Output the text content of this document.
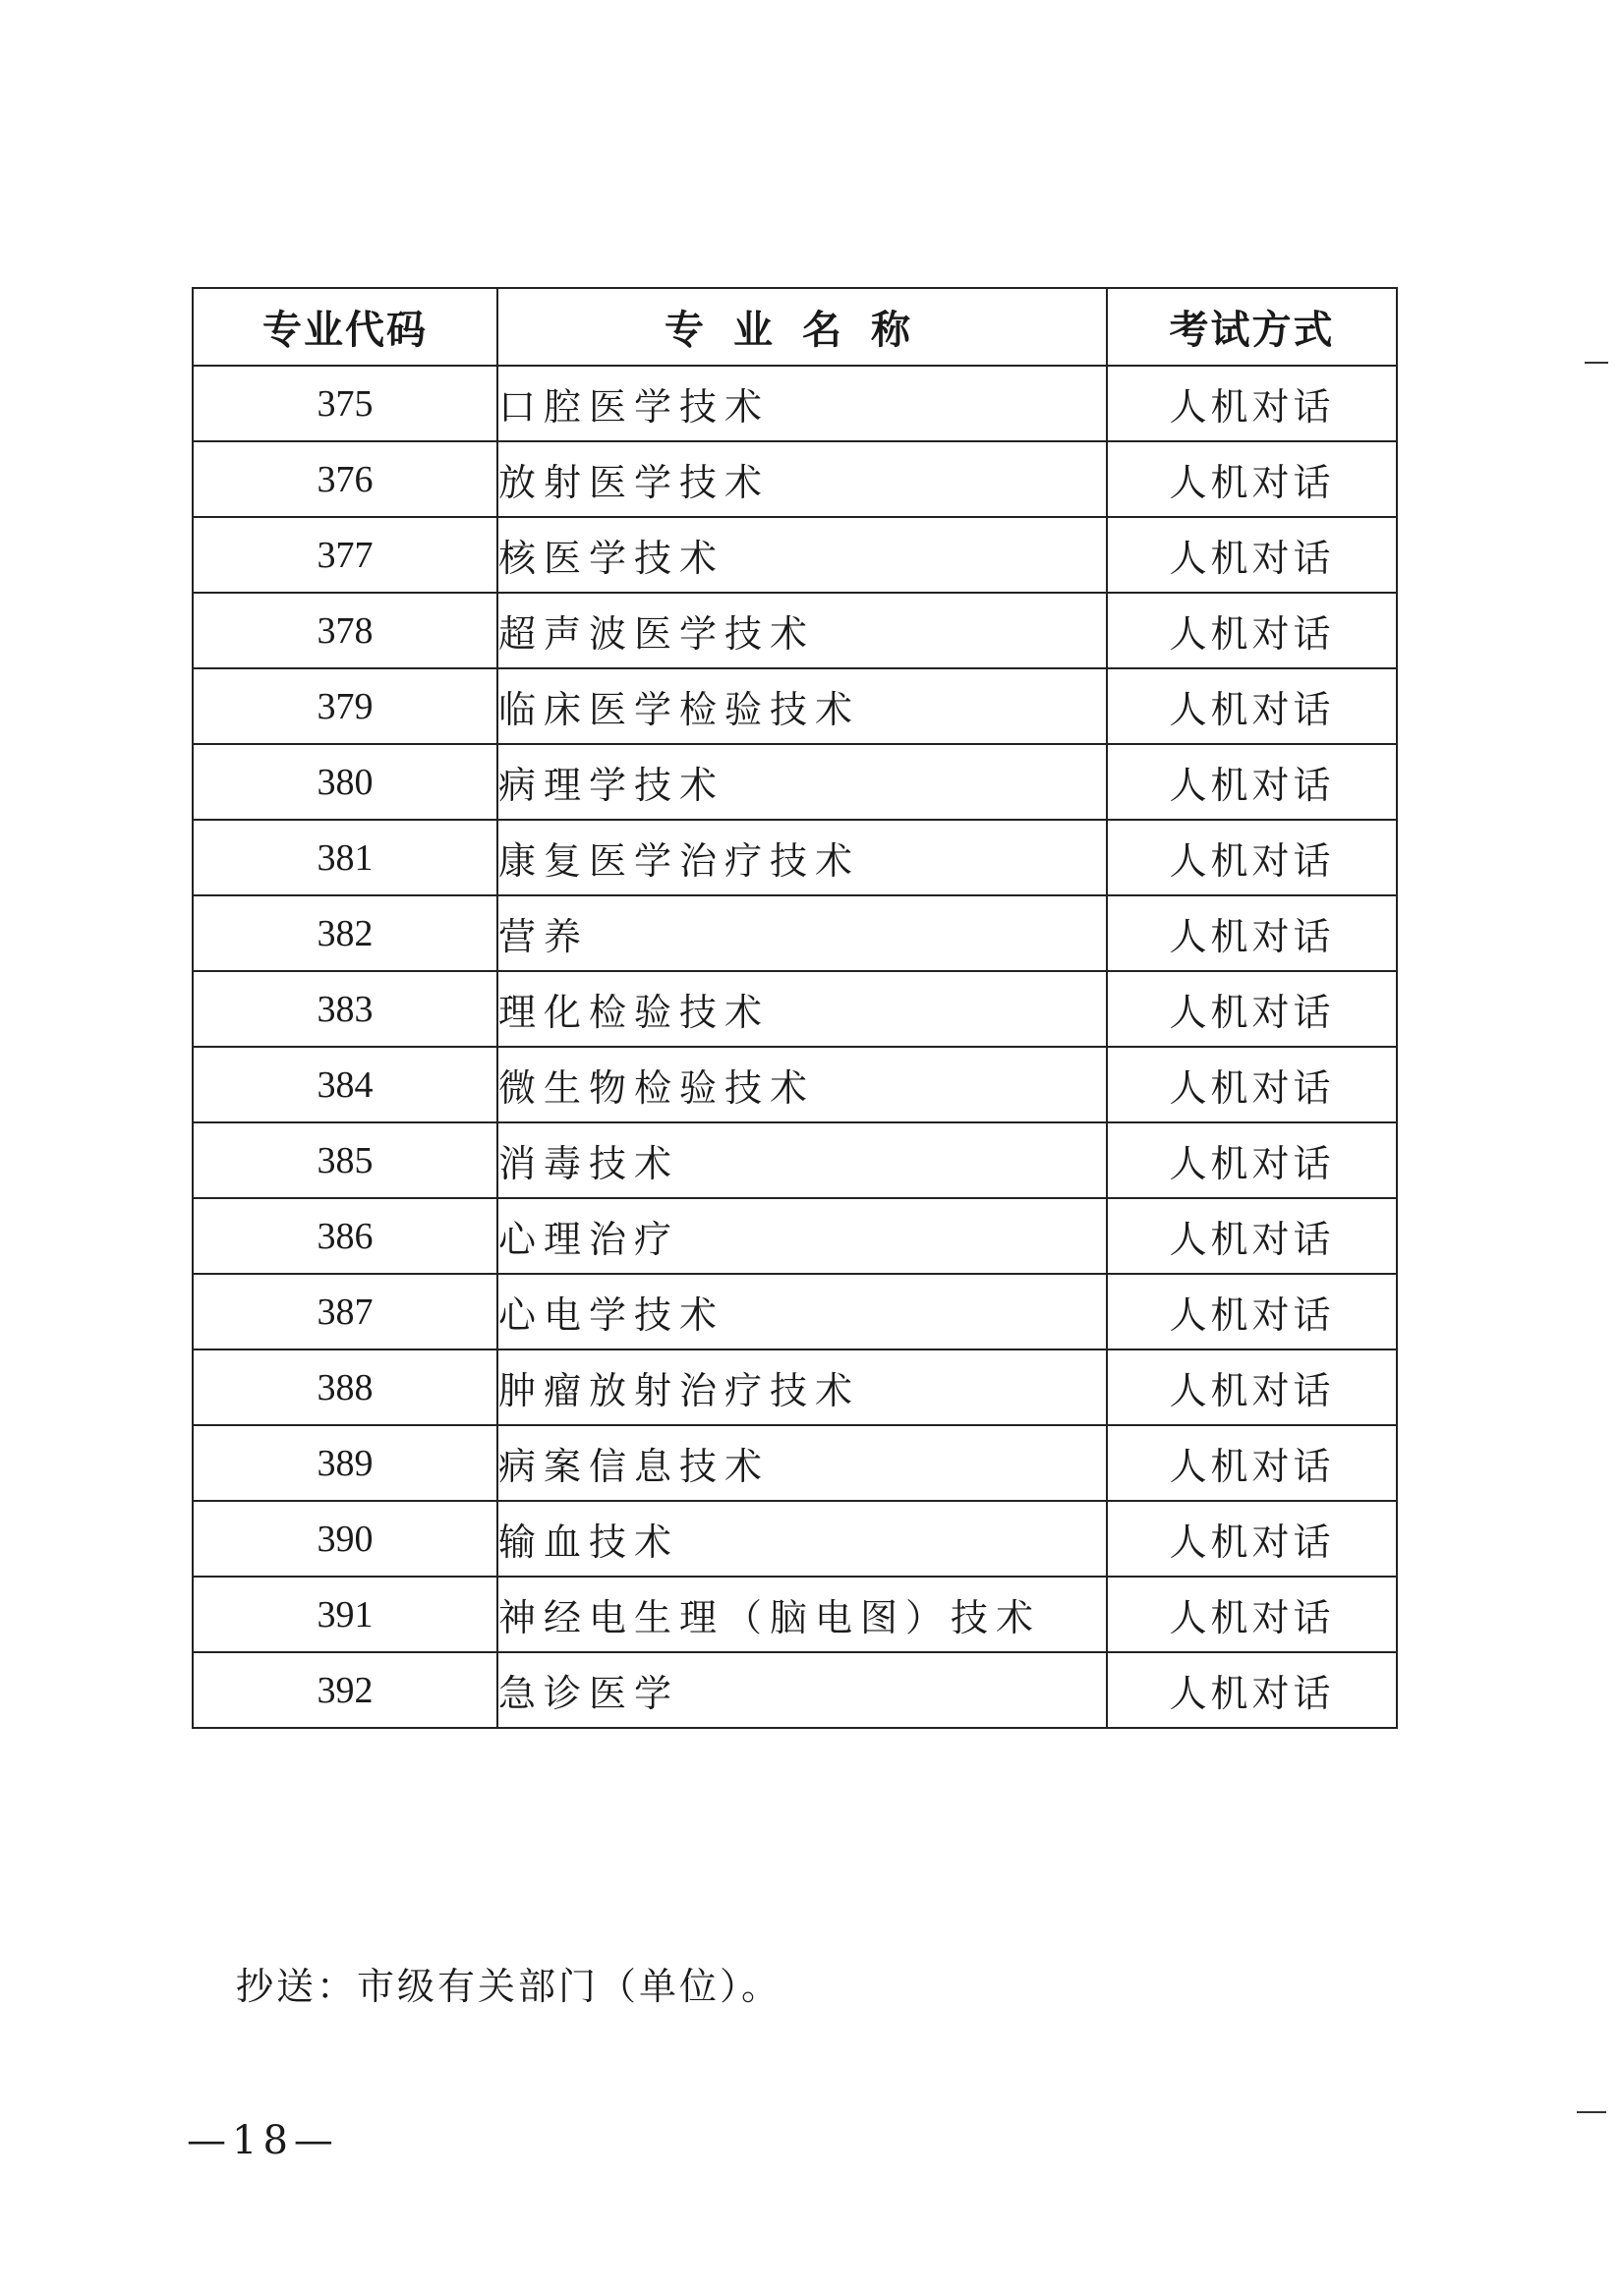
专业代码	专业名称	考试方式
375	口腔医学技术	人机对话
376	放射医学技术	人机对话
377	核医学技术	人机对话
378	超声波医学技术	人机对话
379	临床医学检验技术	人机对话
380	病理学技术	人机对话
381	康复医学治疗技术	人机对话
382	营养	人机对话
383	理化检验技术	人机对话
384	微生物检验技术	人机对话
385	消毒技术	人机对话
386	心理治疗	人机对话
387	心电学技术	人机对话
388	肿瘤放射治疗技术	人机对话
389	病案信息技术	人机对话
390	输血技术	人机对话
391	神经电生理（脑电图）技术	人机对话
392	急诊医学	人机对话
抄送：市级有关部门（单位）。
—18—
